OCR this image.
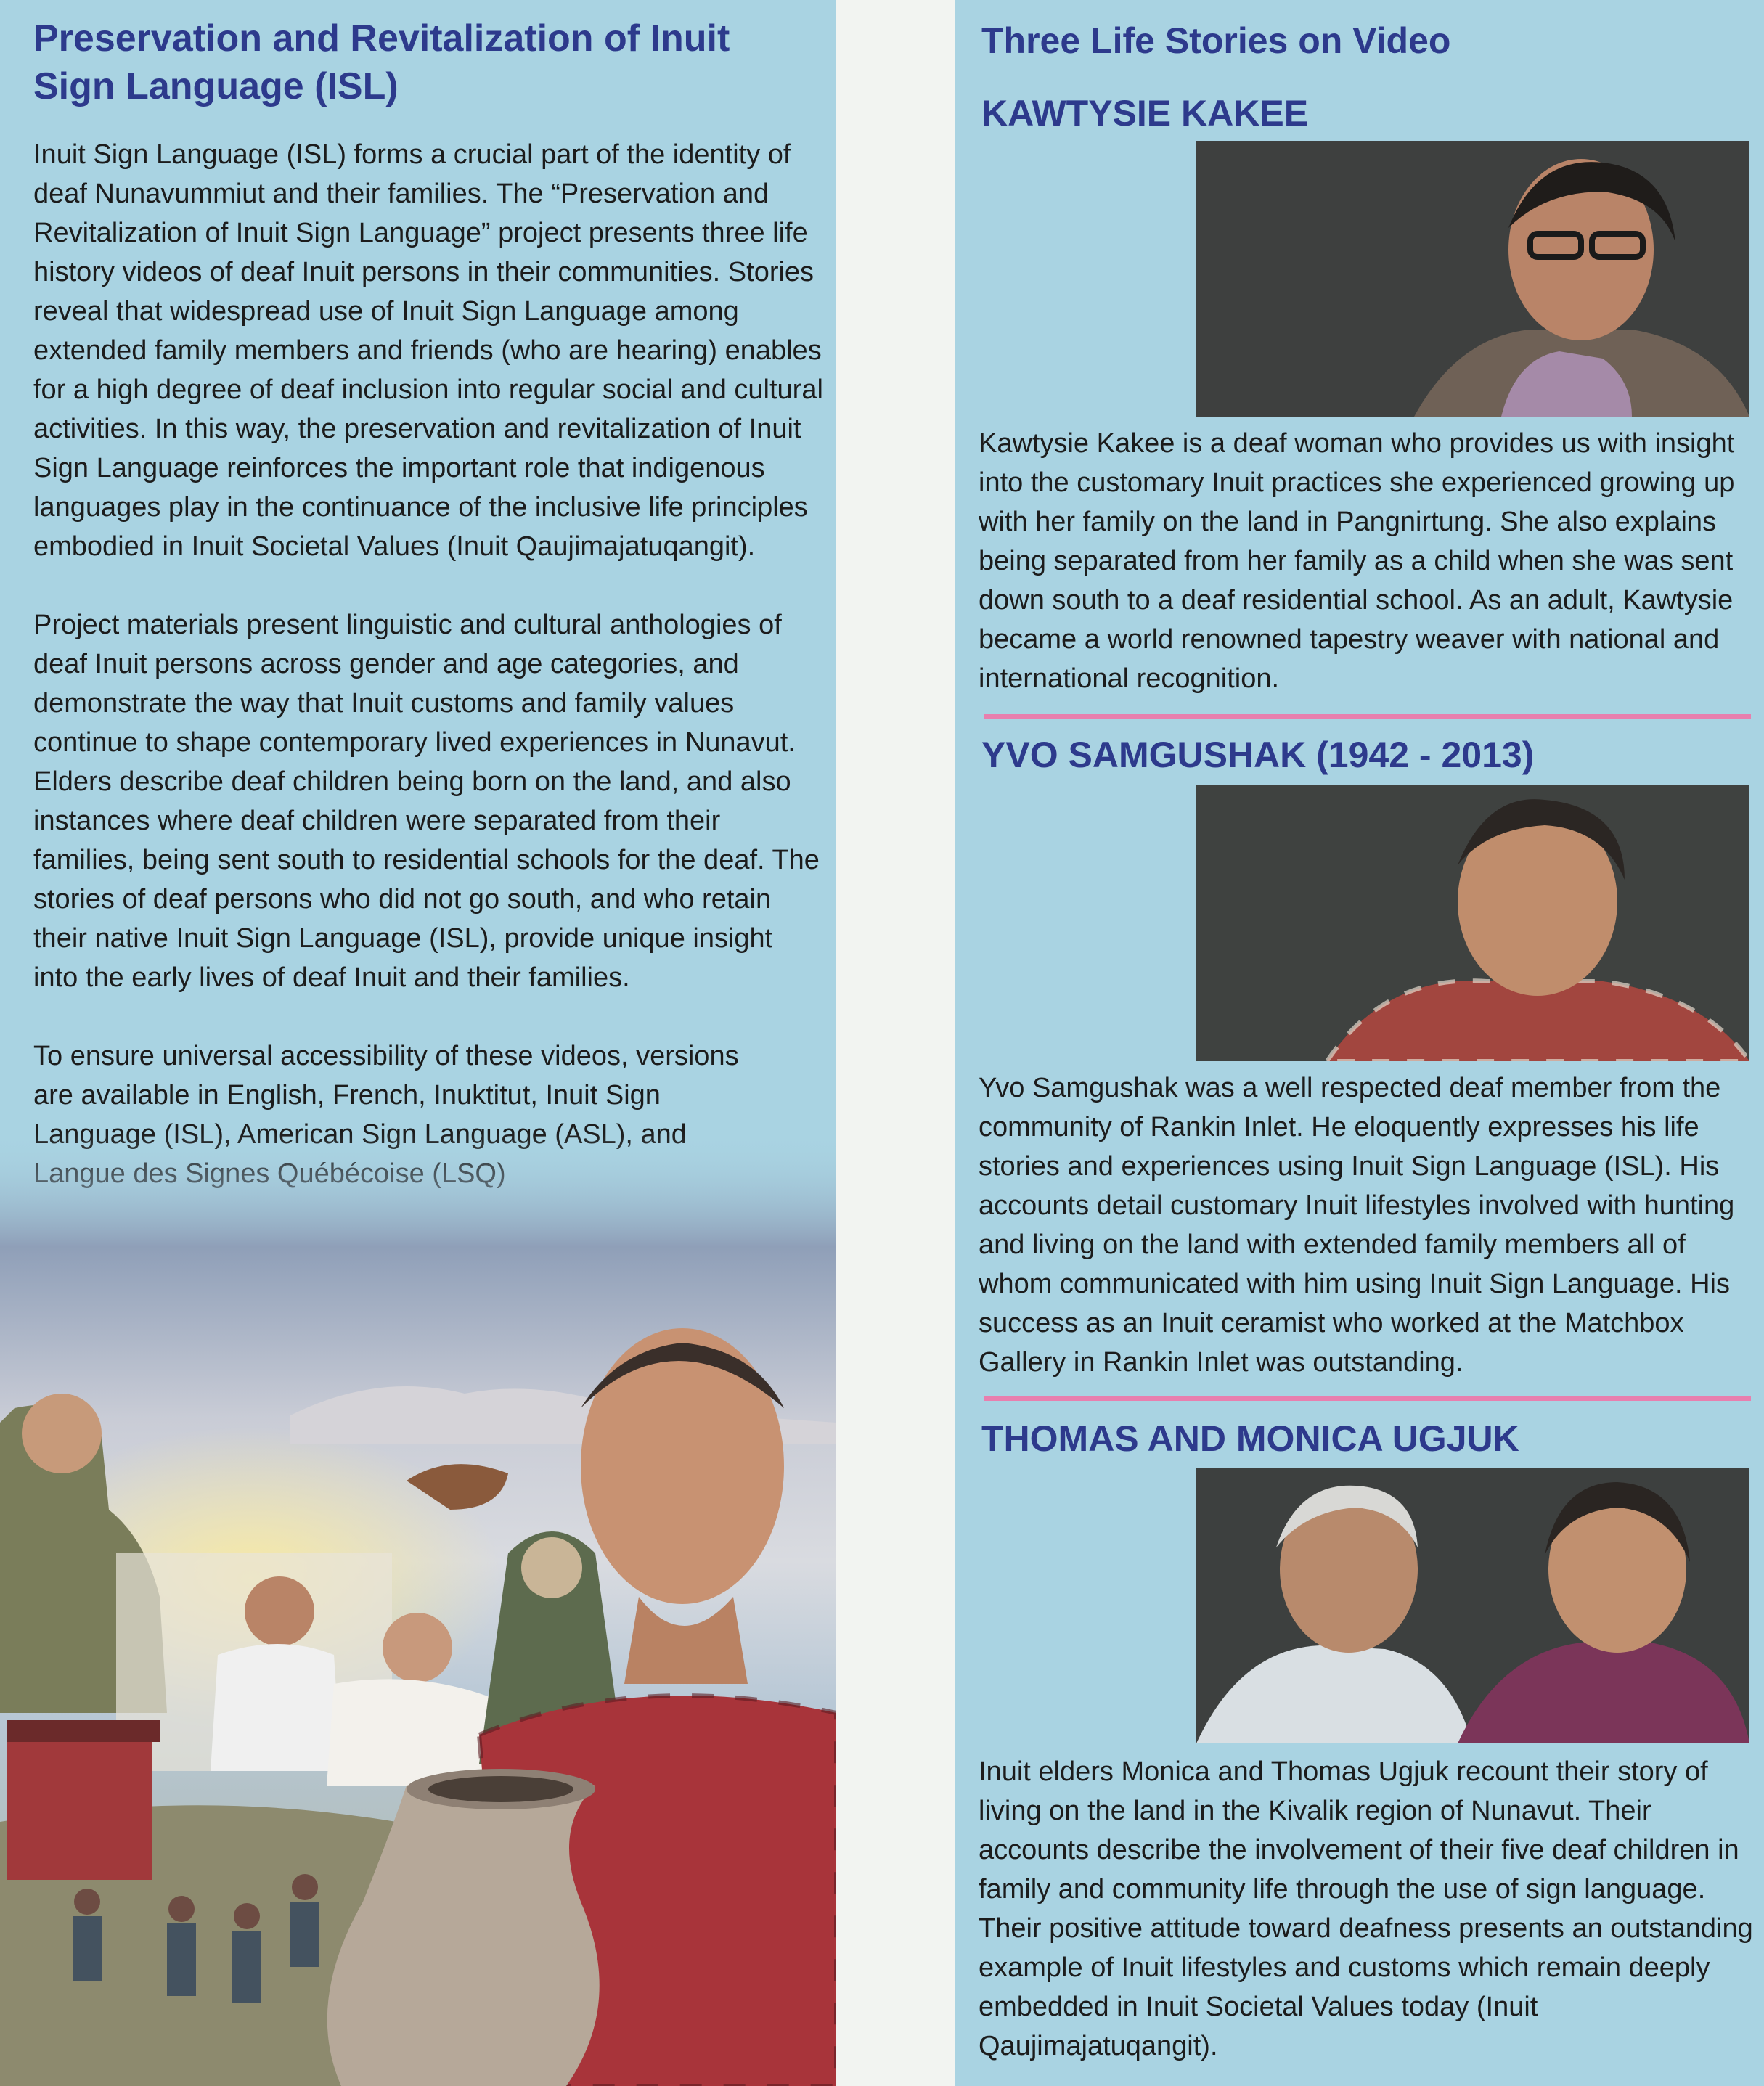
Preservation and Revitalization of Inuit Sign Language (ISL)

Inuit Sign Language (ISL) forms a crucial part of the identity of deaf Nunavummiut and their families. The “Preservation and Revitalization of Inuit Sign Language” project presents three life history videos of deaf Inuit persons in their communities. Stories reveal that widespread use of Inuit Sign Language among extended family members and friends (who are hearing) enables for a high degree of deaf inclusion into regular social and cultural activities. In this way, the preservation and revitalization of Inuit Sign Language reinforces the important role that indigenous languages play in the continuance of the inclusive life principles embodied in Inuit Societal Values (Inuit Qaujimajatuqangit).

Project materials present linguistic and cultural anthologies of deaf Inuit persons across gender and age categories, and demonstrate the way that Inuit customs and family values continue to shape contemporary lived experiences in Nunavut. Elders describe deaf children being born on the land, and also instances where deaf children were separated from their families, being sent south to residential schools for the deaf. The stories of deaf persons who did not go south, and who retain their native Inuit Sign Language (ISL), provide unique insight into the early lives of deaf Inuit and their families.

To ensure universal accessibility of these videos, versions are available in English, French, Inuktitut, Inuit Sign

Three Life Stories on Video
KAWTYSIE KAKEE

Kawtysie Kakee is a deaf woman who provides us with insight into the customary Inuit practices she experienced growing up with her family on the land in Pangnirtung. She also explains being separated from her family as a child when she was sent down south to a deaf residential school. As an adult, Kawtysie became a world renowned tapestry weaver with national and international recognition.

YVO SAMGUSHAK (1942 - 2013)

Yvo Samgushak was a well respected deaf member from the community of Rankin Inlet. He eloquently expresses his life stories and experiences using Inuit Sign Language (ISL). His accounts detail customary Inuit lifestyles involved with hunting and living on the land with extended family members all of whom communicated with him using Inuit Sign Language. His success as an Inuit ceramist who worked at the Matchbox Gallery in Rankin Inlet was outstanding.

THOMAS AND MONICA UGJUK

Inuit elders Monica and Thomas Ugjuk recount their story of living on the land in the Kivalik region of Nunavut. Their accounts describe the involvement of their five deaf children in family and community life through the use of sign language. Their positive attitude toward deafness presents an outstanding example of Inuit lifestyles and customs which remain deeply embedded in Inuit Societal Values today (Inuit Qaujimajatuqangit).
